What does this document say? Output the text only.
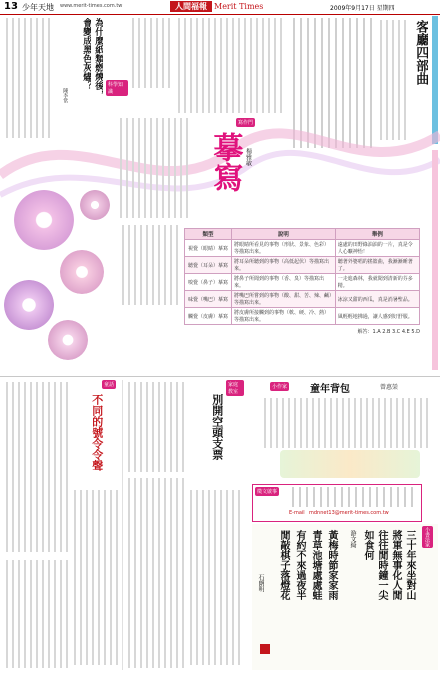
13 少年天地 www.merit-times.com.tw	人間福報 Merit Times	2009年9月17日 星期四
科學知識
為什麼紙類燃燒後，
會變成黑色灰燼？
陳李常
客廳四部曲
寫作門
摹寫 楊雅敏
類型	說明	舉例
視覺（眼睛）摹寫	將眼睛所看見的事物（形狀、景象、色彩）等描寫出來。	遠處的田野綠油油的一片，真是令人心曠神怡！
聽覺（耳朵）摹寫	將耳朵所聽到的事物（高低起伏）等描寫出來。	聽著外婆唱的搖籃曲，我漸漸睡著了。
嗅覺（鼻子）摹寫	將鼻子所聞到的事物（香、臭）等描寫出來。	一走進森林，我就聞到清新的芬多精。
味覺（嘴巴）摹寫	將嘴巴所嘗到的事物（酸、甜、苦、辣、鹹）等描寫出來。	冰涼又甜的西瓜，真是消暑聖品。
觸覺（皮膚）摹寫	將皮膚所接觸到的事物（軟、硬、冷、熱）等描寫出來。	風輕輕地拂過，讓人感到好舒服。
解答：1.A 2.B 3.C 4.E 5.D
童話
不同的號令令聲
家庭教室
別開空頭支票
小作家 童年背包	曾惠榮
徵文啟事
E-mail mdnnet13@merit-times.com.tw
小書法家
三十年來坐對山
將軍無事化人閒
往往閒時鐘一尖
如食何
游文綺
黃梅時節家家雨
青草池塘處處蛙
有約不來過夜半
閒敲棋子落燈花
石朗明
